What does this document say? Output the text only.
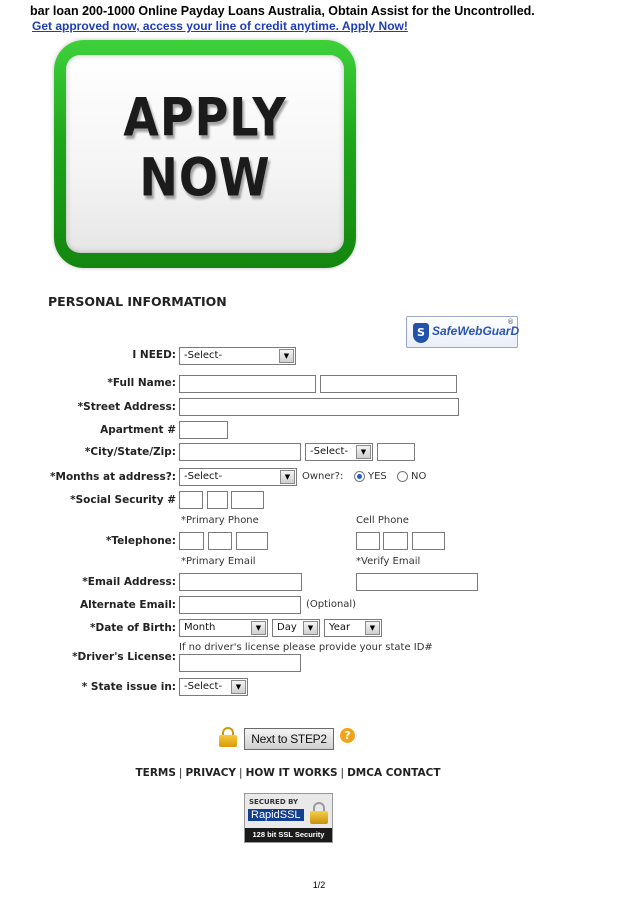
bar loan 200-1000 Online Payday Loans Australia, Obtain Assist for the Uncontrolled.
Get approved now, access your line of credit anytime. Apply Now!
APPLY
NOW
PERSONAL INFORMATION
S SafeWebGuarD
®
I NEED: -Select-	▼
*Full Name:
*Street Address:
Apartment #
*City/State/Zip:	-Select-	▼
*Months at address?: -Select-	▼	Owner?: YES NO
*Social Security #
*Primary Phone	Cell Phone
*Telephone:
*Primary Email	*Verify Email
*Email Address:
Alternate Email:	(Optional)
*Date of Birth: Month	▼	Day	▼	Year	▼
If no driver's license please provide your state ID#
*Driver's License:
* State issue in: -Select-	▼
Next to STEP2	?
TERMS | PRIVACY | HOW IT WORKS | DMCA CONTACT
SECURED BY
RapidSSL
128 bit SSL Security
1/2
